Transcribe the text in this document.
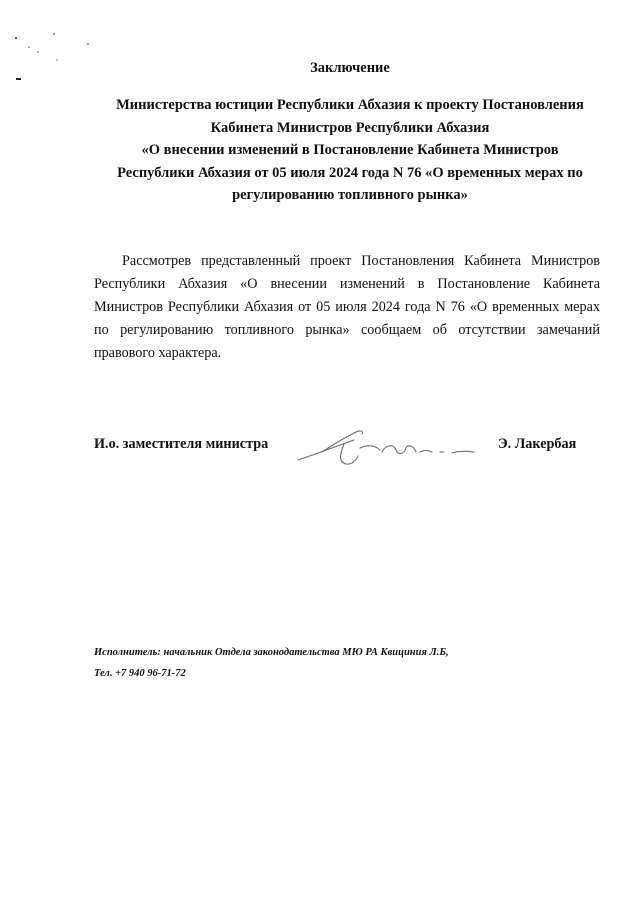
Заключение
Министерства юстиции Республики Абхазия к проекту Постановления
Кабинета Министров Республики Абхазия
«О внесении изменений в Постановление Кабинета Министров
Республики Абхазия от 05 июля 2024 года N 76 «О временных мерах по
регулированию топливного рынка»

Рассмотрев представленный проект Постановления Кабинета Министров Республики Абхазия «О внесении изменений в Постановление Кабинета Министров Республики Абхазия от 05 июля 2024 года N 76 «О временных мерах по регулированию топливного рынка» сообщаем об отсутствии замечаний правового характера.

И.о. заместителя министра	Э. Лакербая
Исполнитель: начальник Отдела законодательства МЮ РА Квициния Л.Б,
Тел. +7 940 96-71-72
